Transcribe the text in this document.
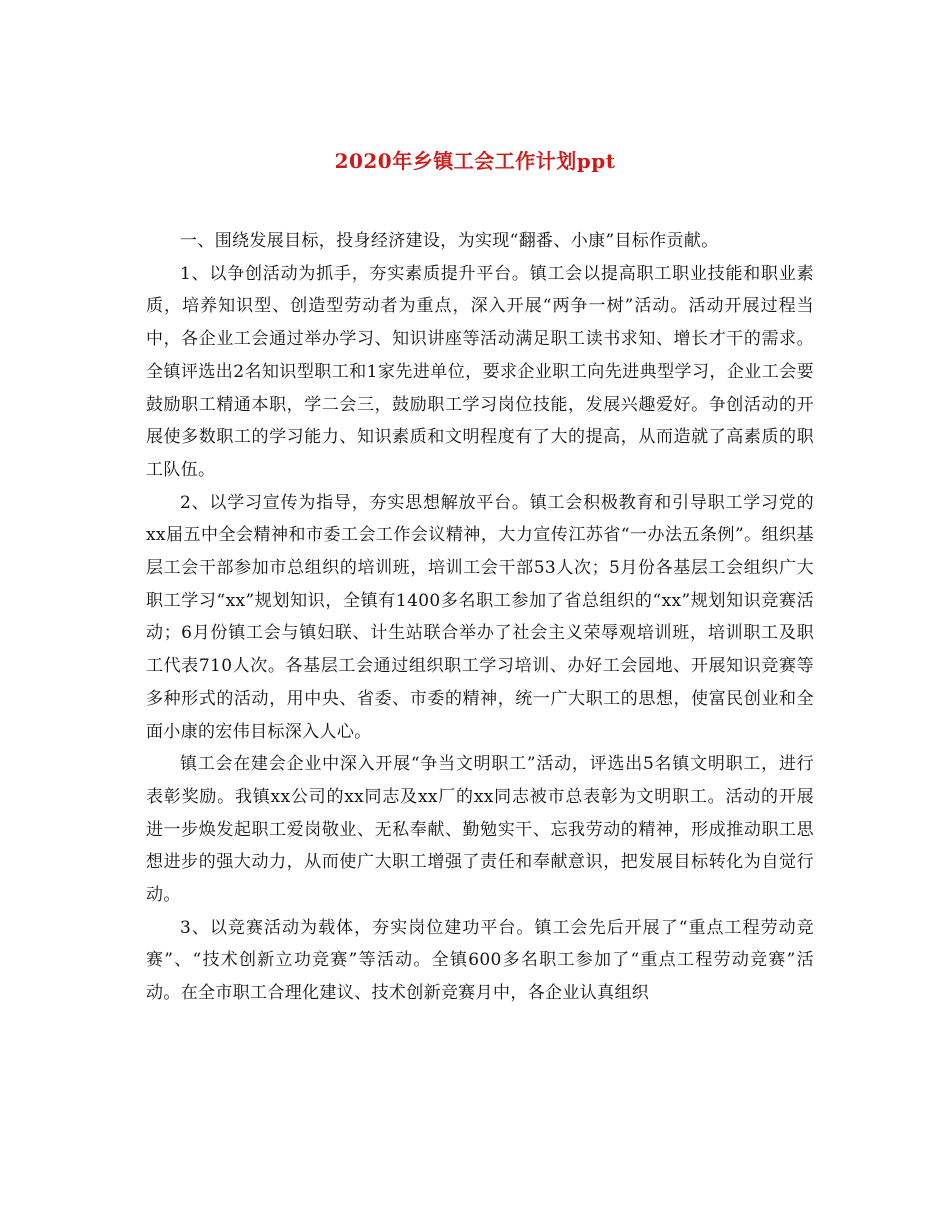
2020年乡镇工会工作计划ppt

一、围绕发展目标，投身经济建设，为实现“翻番、小康”目标作贡献。

1、以争创活动为抓手，夯实素质提升平台。镇工会以提高职工职业技能和职业素质，培养知识型、创造型劳动者为重点，深入开展“两争一树”活动。活动开展过程当中，各企业工会通过举办学习、知识讲座等活动满足职工读书求知、增长才干的需求。全镇评选出2名知识型职工和1家先进单位，要求企业职工向先进典型学习，企业工会要鼓励职工精通本职，学二会三，鼓励职工学习岗位技能，发展兴趣爱好。争创活动的开展使多数职工的学习能力、知识素质和文明程度有了大的提高，从而造就了高素质的职工队伍。

2、以学习宣传为指导，夯实思想解放平台。镇工会积极教育和引导职工学习党的xx届五中全会精神和市委工会工作会议精神，大力宣传江苏省“一办法五条例”。组织基层工会干部参加市总组织的培训班，培训工会干部53人次；5月份各基层工会组织广大职工学习“xx”规划知识，全镇有1400多名职工参加了省总组织的“xx”规划知识竞赛活动；6月份镇工会与镇妇联、计生站联合举办了社会主义荣辱观培训班，培训职工及职工代表710人次。各基层工会通过组织职工学习培训、办好工会园地、开展知识竞赛等多种形式的活动，用中央、省委、市委的精神，统一广大职工的思想，使富民创业和全面小康的宏伟目标深入人心。

镇工会在建会企业中深入开展“争当文明职工”活动，评选出5名镇文明职工，进行表彰奖励。我镇xx公司的xx同志及xx厂的xx同志被市总表彰为文明职工。活动的开展进一步焕发起职工爱岗敬业、无私奉献、勤勉实干、忘我劳动的精神，形成推动职工思想进步的强大动力，从而使广大职工增强了责任和奉献意识，把发展目标转化为自觉行动。

3、以竞赛活动为载体，夯实岗位建功平台。镇工会先后开展了“重点工程劳动竞赛”、“技术创新立功竞赛”等活动。全镇600多名职工参加了“重点工程劳动竞赛”活动。在全市职工合理化建议、技术创新竞赛月中，各企业认真组织
